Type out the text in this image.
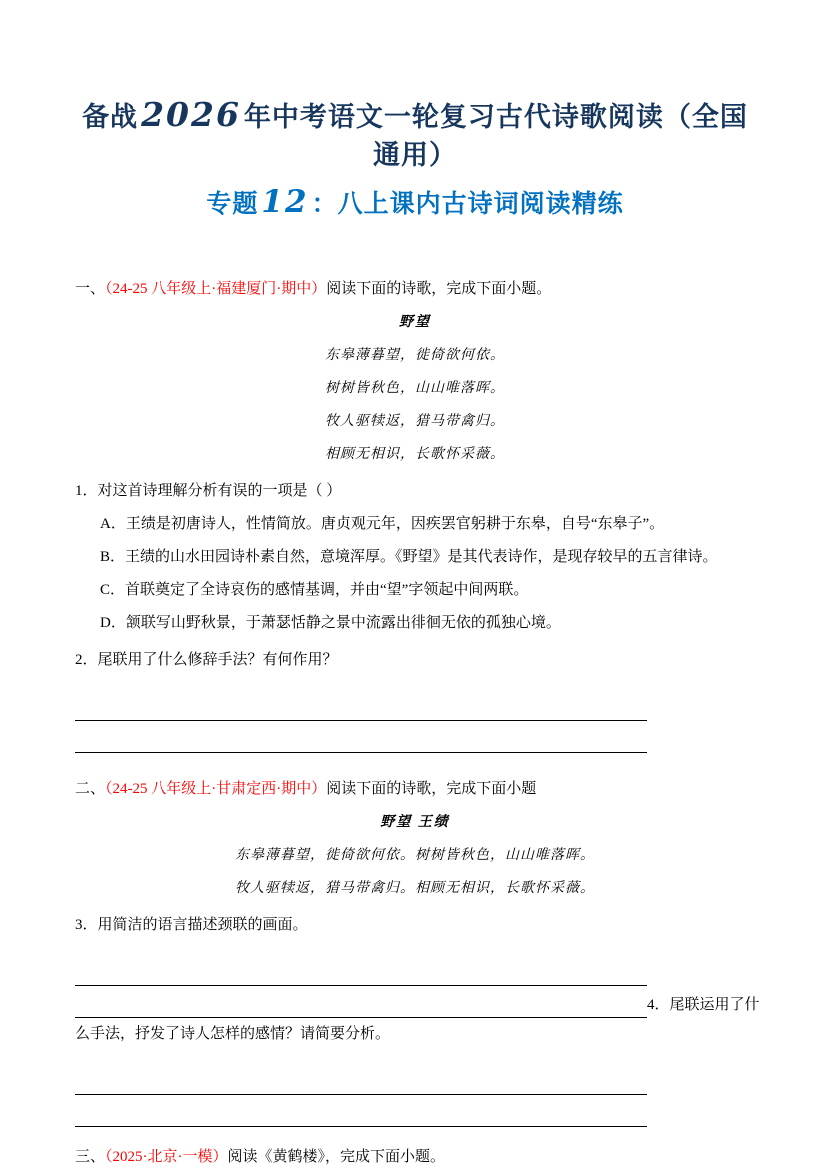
备战2026 年中考语文一轮复习古代诗歌阅读（全国通用）
专题12 ：八上课内古诗词阅读精练

一、（24-25 八年级上·福建厦门·期中）阅读下面的诗歌，完成下面小题。

野望

东皋薄暮望，徙倚欲何依。

树树皆秋色，山山唯落晖。

牧人驱犊返，猎马带禽归。

相顾无相识，长歌怀采薇。

1．对这首诗理解分析有误的一项是（ ）

A．王绩是初唐诗人，性情简放。唐贞观元年，因疾罢官躬耕于东皋，自号“东皋子”。

B．王绩的山水田园诗朴素自然，意境浑厚。《野望》是其代表诗作，是现存较早的五言律诗。

C．首联奠定了全诗哀伤的感情基调，并由“望”字领起中间两联。

D．颔联写山野秋景，于萧瑟恬静之景中流露出徘徊无依的孤独心境。

2．尾联用了什么修辞手法？有何作用？

二、（24-25 八年级上·甘肃定西·期中）阅读下面的诗歌，完成下面小题

野望 王绩

东皋薄暮望，徙倚欲何依。树树皆秋色，山山唯落晖。

牧人驱犊返，猎马带禽归。相顾无相识，长歌怀采薇。

3．用简洁的语言描述颈联的画面。

4．尾联运用了什

么手法，抒发了诗人怎样的感情？请简要分析。

三、（2025·北京·一模）阅读《黄鹤楼》，完成下面小题。
